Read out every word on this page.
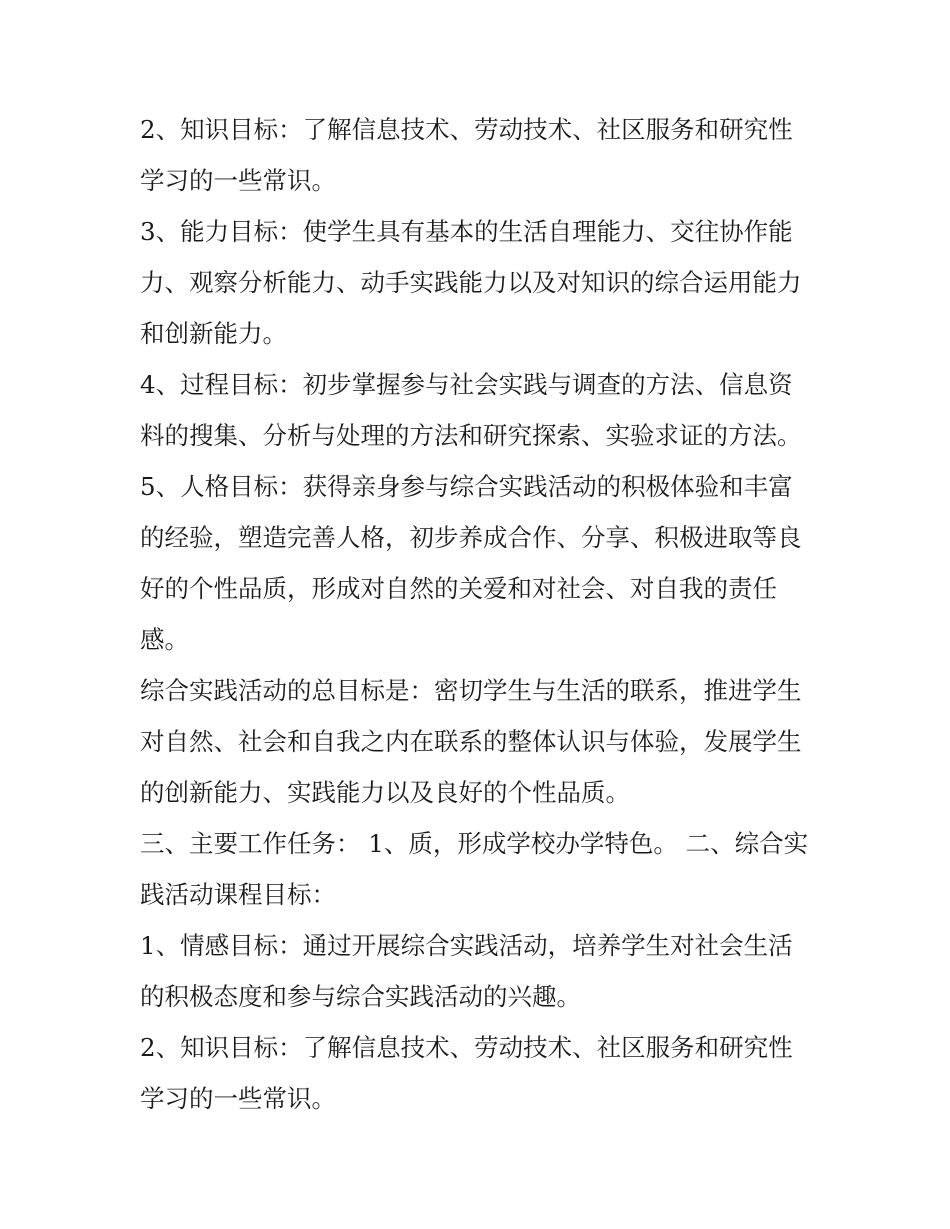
2、知识目标：了解信息技术、劳动技术、社区服务和研究性

学习的一些常识。

3、能力目标：使学生具有基本的生活自理能力、交往协作能

力、观察分析能力、动手实践能力以及对知识的综合运用能力

和创新能力。

4、过程目标：初步掌握参与社会实践与调查的方法、信息资

料的搜集、分析与处理的方法和研究探索、实验求证的方法。

5、人格目标：获得亲身参与综合实践活动的积极体验和丰富

的经验，塑造完善人格，初步养成合作、分享、积极进取等良

好的个性品质，形成对自然的关爱和对社会、对自我的责任

感。

综合实践活动的总目标是：密切学生与生活的联系，推进学生

对自然、社会和自我之内在联系的整体认识与体验，发展学生

的创新能力、实践能力以及良好的个性品质。

三、主要工作任务： 1、质，形成学校办学特色。 二、综合实

践活动课程目标：

1、情感目标：通过开展综合实践活动，培养学生对社会生活

的积极态度和参与综合实践活动的兴趣。

2、知识目标：了解信息技术、劳动技术、社区服务和研究性

学习的一些常识。
